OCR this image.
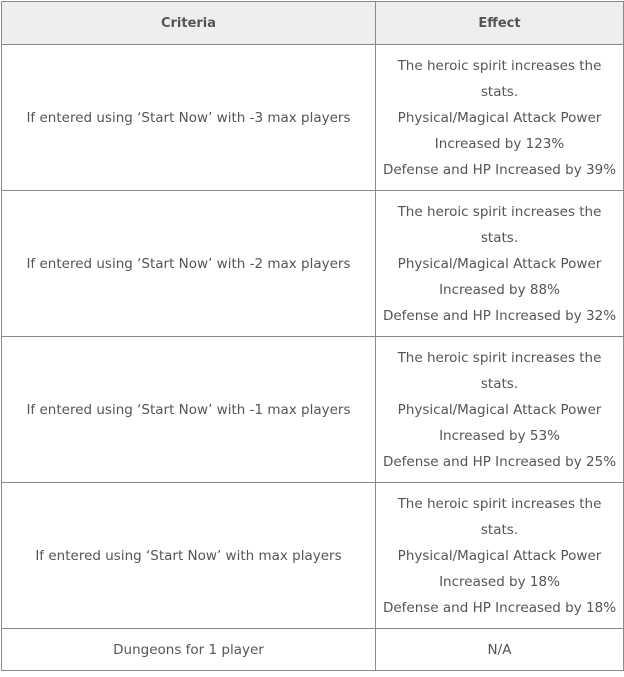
Criteria	Effect
If entered using ‘Start Now’ with -3 max players	The heroic spirit increases the
stats.
Physical/Magical Attack Power
Increased by 123%
Defense and HP Increased by 39%

If entered using ‘Start Now’ with -2 max players	The heroic spirit increases the
stats.
Physical/Magical Attack Power
Increased by 88%
Defense and HP Increased by 32%

If entered using ‘Start Now’ with -1 max players	The heroic spirit increases the
stats.
Physical/Magical Attack Power
Increased by 53%
Defense and HP Increased by 25%

If entered using ‘Start Now’ with max players	The heroic spirit increases the
stats.
Physical/Magical Attack Power
Increased by 18%
Defense and HP Increased by 18%

Dungeons for 1 player	N/A
